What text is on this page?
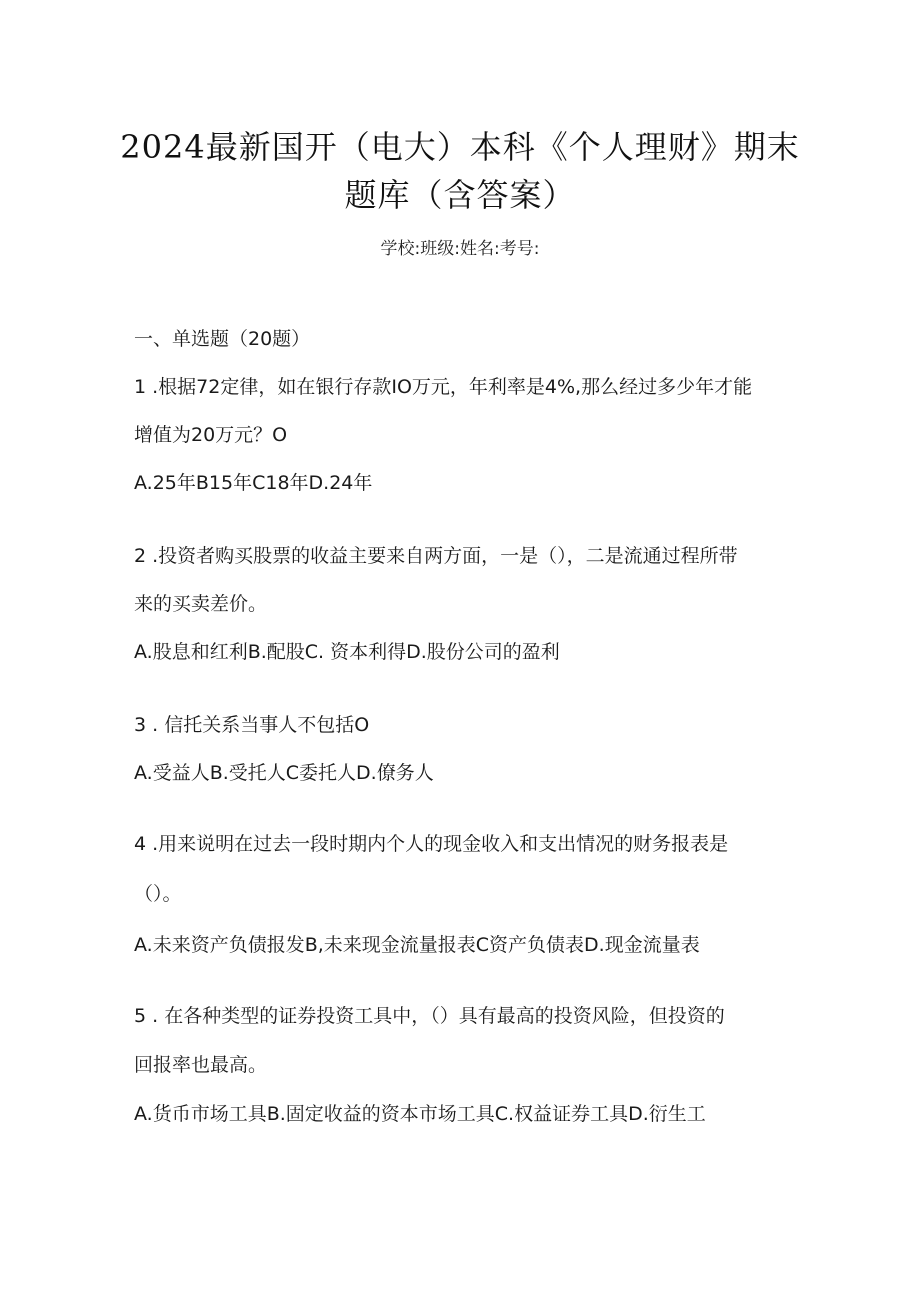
2024最新国开（电大）本科《个人理财》期末
题库（含答案）
学校:班级:姓名:考号:
一、单选题（20题）
1 .根据72定律，如在银行存款IO万元，年利率是4%,那么经过多少年才能
增值为20万元？O
A.25年B15年C18年D.24年
2 .投资者购买股票的收益主要来自两方面，一是（），二是流通过程所带
来的买卖差价。
A.股息和红利B.配股C. 资本利得D.股份公司的盈利
3 . 信托关系当事人不包括O
A.受益人B.受托人C委托人D.僚务人
4 .用来说明在过去一段时期内个人的现金收入和支出情况的财务报表是
（）。
A.未来资产负债报发B,未来现金流量报表C资产负债表D.现金流量表
5 . 在各种类型的证券投资工具中，（）具有最高的投资风险，但投资的
回报率也最高。
A.货币市场工具B.固定收益的资本市场工具C.权益证券工具D.衍生工
